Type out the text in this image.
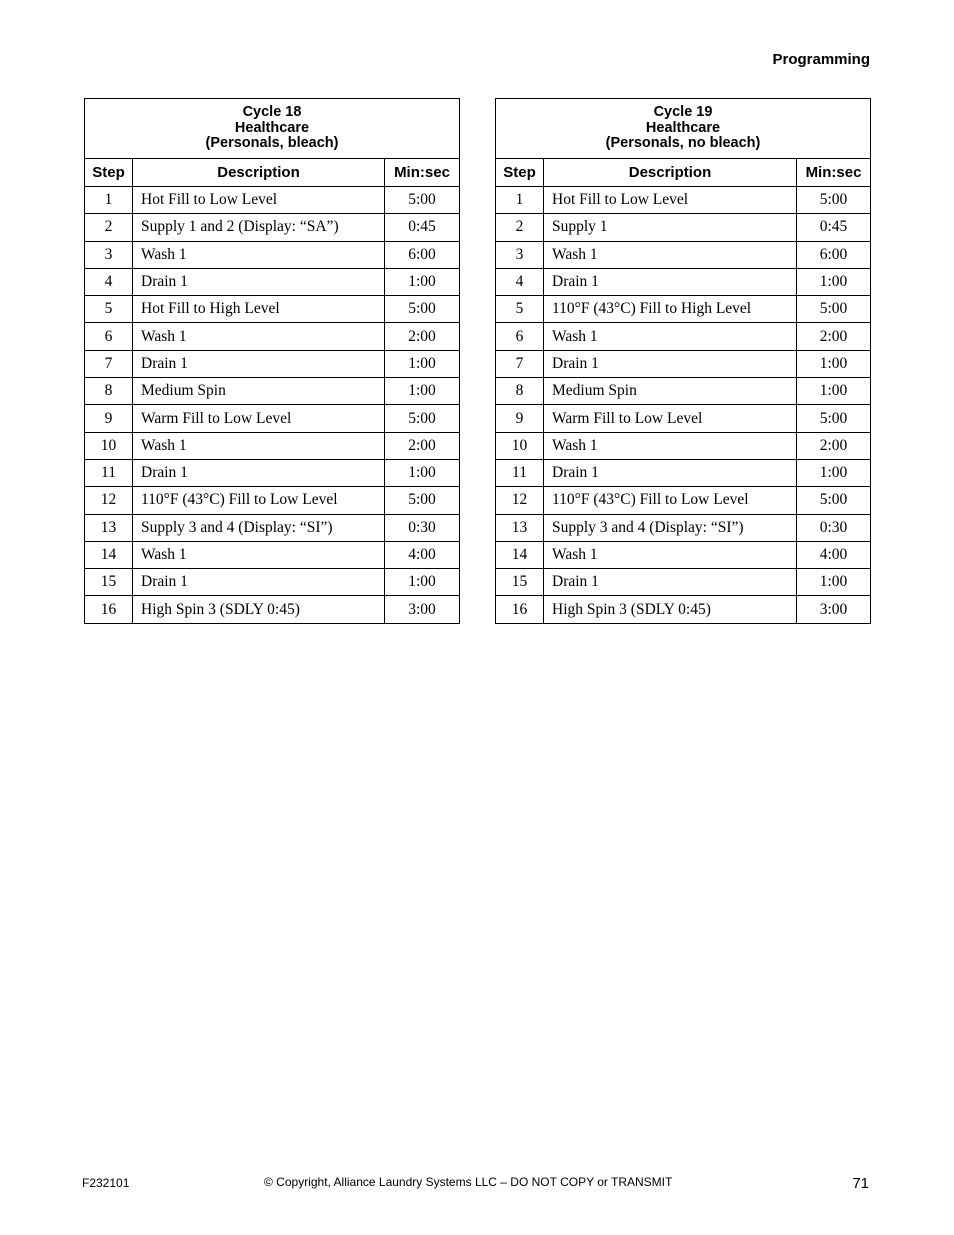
Programming
Cycle 18
Healthcare
(Personals, bleach)		

Step	Description	Min:sec
1	Hot Fill to Low Level	5:00
2	Supply 1 and 2 (Display: “SA”)	0:45
3	Wash 1	6:00
4	Drain 1	1:00
5	Hot Fill to High Level	5:00
6	Wash 1	2:00
7	Drain 1	1:00
8	Medium Spin	1:00
9	Warm Fill to Low Level	5:00
10	Wash 1	2:00
11	Drain 1	1:00
12	110°F (43°C) Fill to Low Level	5:00
13	Supply 3 and 4 (Display: “SI”)	0:30
14	Wash 1	4:00
15	Drain 1	1:00
16	High Spin 3 (SDLY 0:45)	3:00
Cycle 19
Healthcare
(Personals, no bleach)		

Step	Description	Min:sec
1	Hot Fill to Low Level	5:00
2	Supply 1	0:45
3	Wash 1	6:00
4	Drain 1	1:00
5	110°F (43°C) Fill to High Level	5:00
6	Wash 1	2:00
7	Drain 1	1:00
8	Medium Spin	1:00
9	Warm Fill to Low Level	5:00
10	Wash 1	2:00
11	Drain 1	1:00
12	110°F (43°C) Fill to Low Level	5:00
13	Supply 3 and 4 (Display: “SI”)	0:30
14	Wash 1	4:00
15	Drain 1	1:00
16	High Spin 3 (SDLY 0:45)	3:00
F232101	© Copyright, Alliance Laundry Systems LLC – DO NOT COPY or TRANSMIT	71
